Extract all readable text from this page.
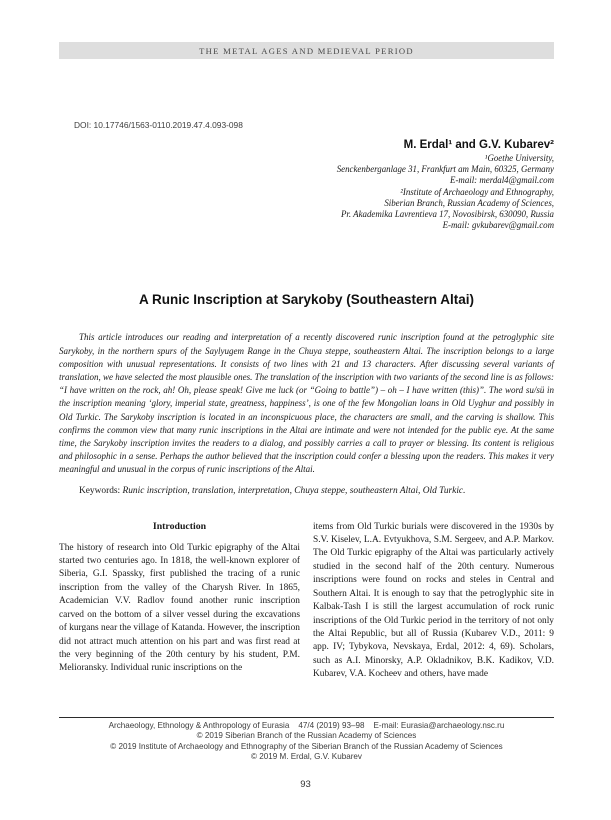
THE METAL AGES AND MEDIEVAL PERIOD
DOI: 10.17746/1563-0110.2019.47.4.093-098
M. Erdal¹ and G.V. Kubarev²
¹Goethe University,
Senckenberganlage 31, Frankfurt am Main, 60325, Germany
E-mail: merdal4@gmail.com
²Institute of Archaeology and Ethnography,
Siberian Branch, Russian Academy of Sciences,
Pr. Akademika Lavrentieva 17, Novosibirsk, 630090, Russia
E-mail: gvkubarev@gmail.com
A Runic Inscription at Sarykoby (Southeastern Altai)

This article introduces our reading and interpretation of a recently discovered runic inscription found at the petroglyphic site Sarykoby, in the northern spurs of the Saylyugem Range in the Chuya steppe, southeastern Altai. The inscription belongs to a large composition with unusual representations. It consists of two lines with 21 and 13 characters. After discussing several variants of translation, we have selected the most plausible ones. The translation of the inscription with two variants of the second line is as follows: “I have written on the rock, ah! Oh, please speak! Give me luck (or “Going to battle”) – oh – I have written (this)”. The word su/sü in the inscription meaning ‘glory, imperial state, greatness, happiness’, is one of the few Mongolian loans in Old Uyghur and possibly in Old Turkic. The Sarykoby inscription is located in an inconspicuous place, the characters are small, and the carving is shallow. This confirms the common view that many runic inscriptions in the Altai are intimate and were not intended for the public eye. At the same time, the Sarykoby inscription invites the readers to a dialog, and possibly carries a call to prayer or blessing. Its content is religious and philosophic in a sense. Perhaps the author believed that the inscription could confer a blessing upon the readers. This makes it very meaningful and unusual in the corpus of runic inscriptions of the Altai.

Keywords: Runic inscription, translation, interpretation, Chuya steppe, southeastern Altai, Old Turkic.

Introduction

The history of research into Old Turkic epigraphy of the Altai started two centuries ago. In 1818, the well-known explorer of Siberia, G.I. Spassky, first published the tracing of a runic inscription from the valley of the Charysh River. In 1865, Academician V.V. Radlov found another runic inscription carved on the bottom of a silver vessel during the excavations of kurgans near the village of Katanda. However, the inscription did not attract much attention on his part and was first read at the very beginning of the 20th century by his student, P.M. Melioransky. Individual runic inscriptions on the

items from Old Turkic burials were discovered in the 1930s by S.V. Kiselev, L.A. Evtyukhova, S.M. Sergeev, and A.P. Markov. The Old Turkic epigraphy of the Altai was particularly actively studied in the second half of the 20th century. Numerous inscriptions were found on rocks and steles in Central and Southern Altai. It is enough to say that the petroglyphic site in Kalbak-Tash I is still the largest accumulation of rock runic inscriptions of the Old Turkic period in the territory of not only the Altai Republic, but all of Russia (Kubarev V.D., 2011: 9 app. IV; Tybykova, Nevskaya, Erdal, 2012: 4, 69). Scholars, such as A.I. Minorsky, A.P. Okladnikov, B.K. Kadikov, V.D. Kubarev, V.A. Kocheev and others, have made

Archaeology, Ethnology & Anthropology of Eurasia    47/4 (2019) 93–98    E-mail: Eurasia@archaeology.nsc.ru
© 2019 Siberian Branch of the Russian Academy of Sciences
© 2019 Institute of Archaeology and Ethnography of the Siberian Branch of the Russian Academy of Sciences
© 2019 M. Erdal, G.V. Kubarev
93
